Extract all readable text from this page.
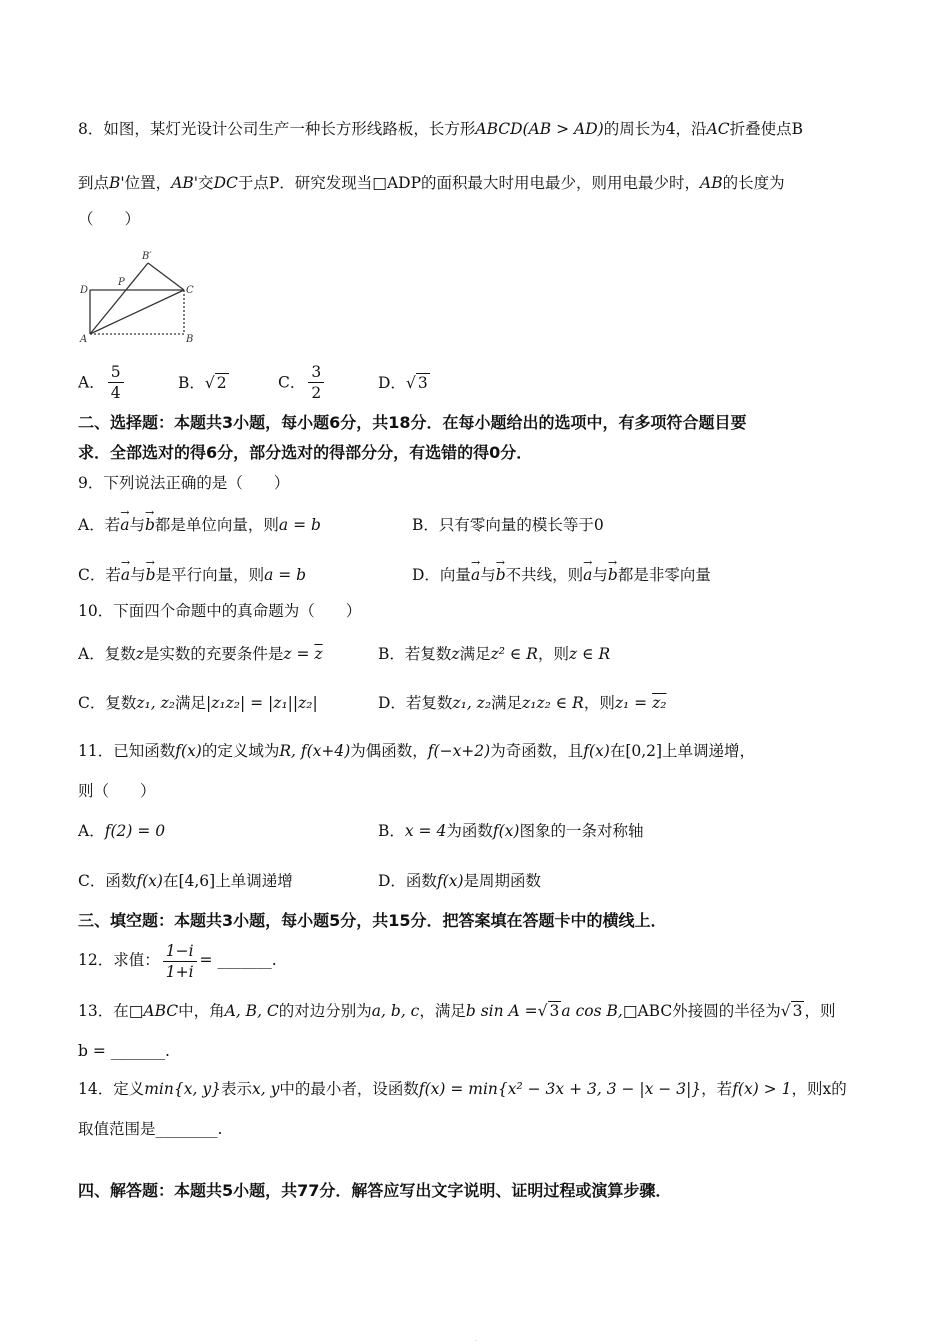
8．如图，某灯光设计公司生产一种长方形线路板，长方形ABCD(AB > AD)的周长为4，沿AC折叠使点B
到点B'位置，AB'交DC于点P．研究发现当□ADP的面积最大时用电最少，则用电最少时，AB的长度为
（　　）
B′
D
P
C
A	B
A． $\frac{5}{4}$	B．√ 2	C． $\frac{3}{2}$	D．√ 3
二、选择题：本题共3小题，每小题6分，共18分．在每小题给出的选项中，有多项符合题目要
求．全部选对的得6分，部分选对的得部分分，有选错的得0分．
9．下列说法正确的是（　　）
A．若→ a与→ b都是单位向量，则a = b	B．只有零向量的模长等于0
C．若→ a与→ b是平行向量，则a = b	D．向量→ a与→ b不共线，则→ a与→ b都是非零向量
10．下面四个命题中的真命题为（　　）
A．复数z是实数的充要条件是$z = \overline{z}$	B．若复数z满足z² ∈ R，则z ∈ R
C．复数z₁, z₂满足|z₁z₂| = |z₁||z₂|	D．若复数z₁, z₂满足z₁z₂ ∈ R，则z₁ = z₂
11．已知函数f(x)的定义域为R, f(x+4)为偶函数，f(−x+2)为奇函数，且f(x)在[0,2]上单调递增，
则（　　）
A．f(2) = 0	B．x = 4为函数f(x)图象的一条对称轴
C．函数f(x)在[4,6]上单调递增	D．函数f(x)是周期函数
三、填空题：本题共3小题，每小题5分，共15分．把答案填在答题卡中的横线上．
12．求值： $\frac{1-i}{1+i}$ = _______.
13．在□ABC中，角A, B, C的对边分别为a, b, c，满足b sin A =√ 3 a cos B,□ABC外接圆的半径为√ 3 ，则
b = _______.
14．定义min{x, y}表示x, y中的最小者，设函数f(x) = min{x² − 3x + 3, 3 − |x − 3|}，若f(x) > 1，则x的
取值范围是________.
四、解答题：本题共5小题，共77分．解答应写出文字说明、证明过程或演算步骤．
.
